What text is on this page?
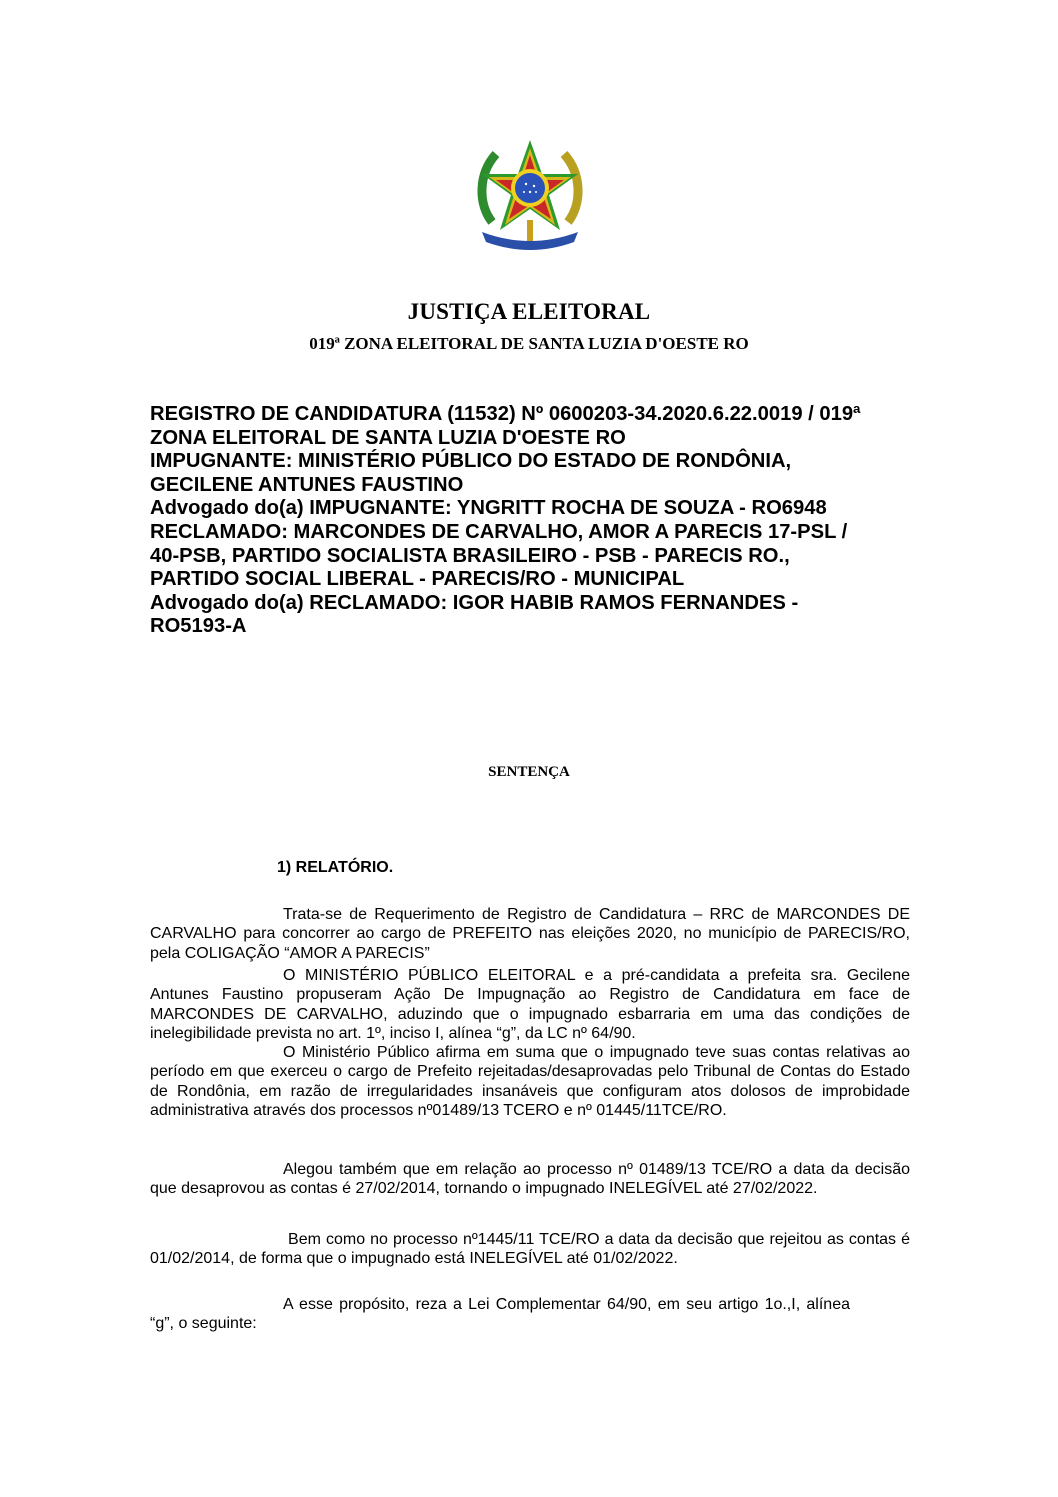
JUSTIÇA ELEITORAL
019ª ZONA ELEITORAL DE SANTA LUZIA D'OESTE RO
REGISTRO DE CANDIDATURA (11532) Nº 0600203-34.2020.6.22.0019 / 019ª
ZONA ELEITORAL DE SANTA LUZIA D'OESTE RO
IMPUGNANTE: MINISTÉRIO PÚBLICO DO ESTADO DE RONDÔNIA,
GECILENE ANTUNES FAUSTINO
Advogado do(a) IMPUGNANTE: YNGRITT ROCHA DE SOUZA - RO6948
RECLAMADO: MARCONDES DE CARVALHO, AMOR A PARECIS 17-PSL /
40-PSB, PARTIDO SOCIALISTA BRASILEIRO - PSB - PARECIS RO.,
PARTIDO SOCIAL LIBERAL - PARECIS/RO - MUNICIPAL
Advogado do(a) RECLAMADO: IGOR HABIB RAMOS FERNANDES -
RO5193-A
SENTENÇA
1) RELATÓRIO.

Trata-se de Requerimento de Registro de Candidatura – RRC de MARCONDES DE CARVALHO para concorrer ao cargo de PREFEITO nas eleições 2020, no município de PARECIS/RO, pela COLIGAÇÃO “AMOR A PARECIS”

O MINISTÉRIO PÚBLICO ELEITORAL e a pré-candidata a prefeita sra. Gecilene Antunes Faustino propuseram Ação De Impugnação ao Registro de Candidatura em face de MARCONDES DE CARVALHO, aduzindo que o impugnado esbarraria em uma das condições de inelegibilidade prevista no art. 1º, inciso I, alínea “g”, da LC nº 64/90.

O Ministério Público afirma em suma que o impugnado teve suas contas relativas ao período em que exerceu o cargo de Prefeito rejeitadas/desaprovadas pelo Tribunal de Contas do Estado de Rondônia, em razão de irregularidades insanáveis que configuram atos dolosos de improbidade administrativa através dos processos nº01489/13 TCERO e nº 01445/11TCE/RO.

Alegou também que em relação ao processo nº 01489/13 TCE/RO a data da decisão que desaprovou as contas é 27/02/2014, tornando o impugnado INELEGÍVEL até 27/02/2022.

Bem como no processo nº1445/11 TCE/RO a data da decisão que rejeitou as contas é 01/02/2014, de forma que o impugnado está INELEGÍVEL até 01/02/2022.

A esse propósito, reza a Lei Complementar 64/90, em seu artigo 1o.,I, alínea “g”, o seguinte:
